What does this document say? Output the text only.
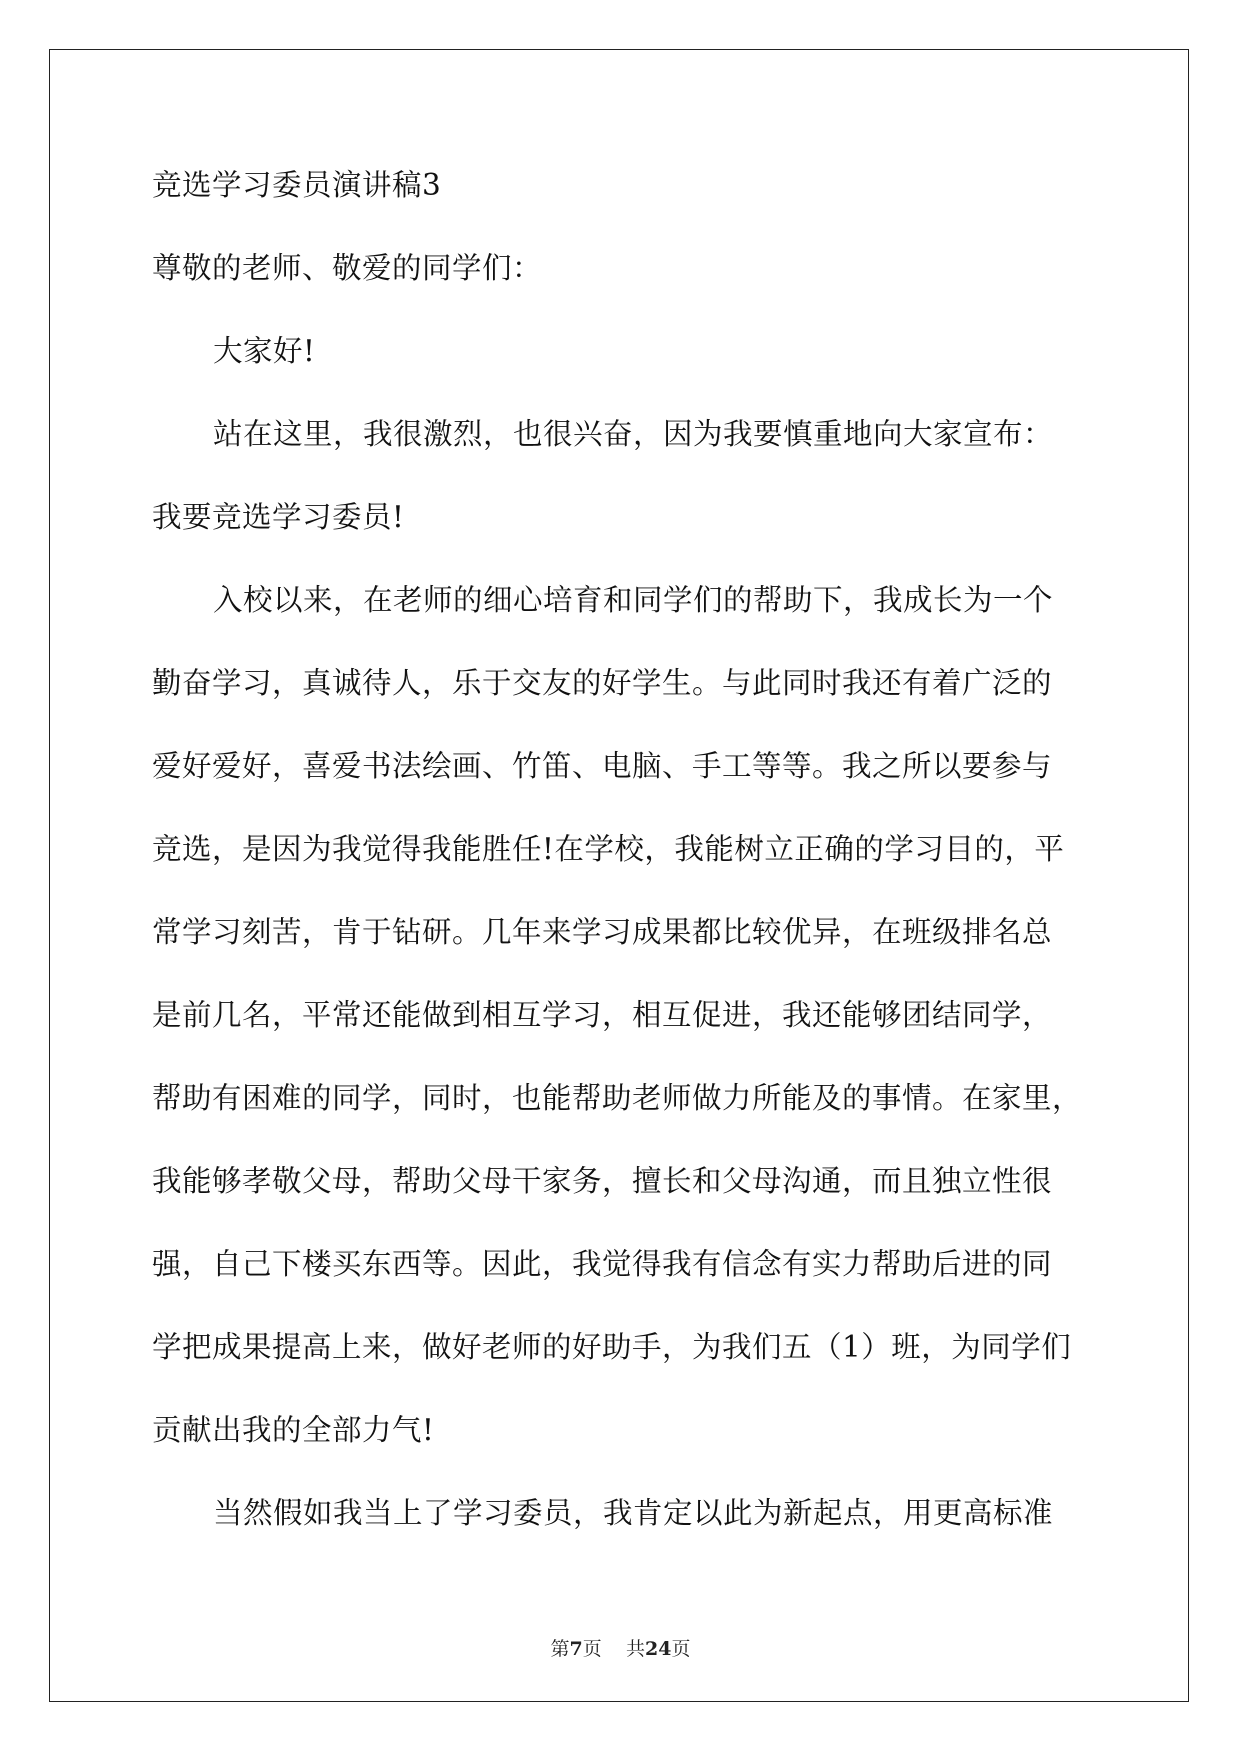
竞选学习委员演讲稿3
尊敬的老师、敬爱的同学们：
大家好!
站在这里，我很激烈，也很兴奋，因为我要慎重地向大家宣布：
我要竞选学习委员!
入校以来，在老师的细心培育和同学们的帮助下，我成长为一个
勤奋学习，真诚待人，乐于交友的好学生。与此同时我还有着广泛的
爱好爱好，喜爱书法绘画、竹笛、电脑、手工等等。我之所以要参与
竞选，是因为我觉得我能胜任!在学校，我能树立正确的学习目的，平
常学习刻苦，肯于钻研。几年来学习成果都比较优异，在班级排名总
是前几名，平常还能做到相互学习，相互促进，我还能够团结同学，
帮助有困难的同学，同时，也能帮助老师做力所能及的事情。在家里，
我能够孝敬父母，帮助父母干家务，擅长和父母沟通，而且独立性很
强，自己下楼买东西等。因此，我觉得我有信念有实力帮助后进的同
学把成果提高上来，做好老师的好助手，为我们五（1）班，为同学们
贡献出我的全部力气!
当然假如我当上了学习委员，我肯定以此为新起点，用更高标准
第7页 共24页
